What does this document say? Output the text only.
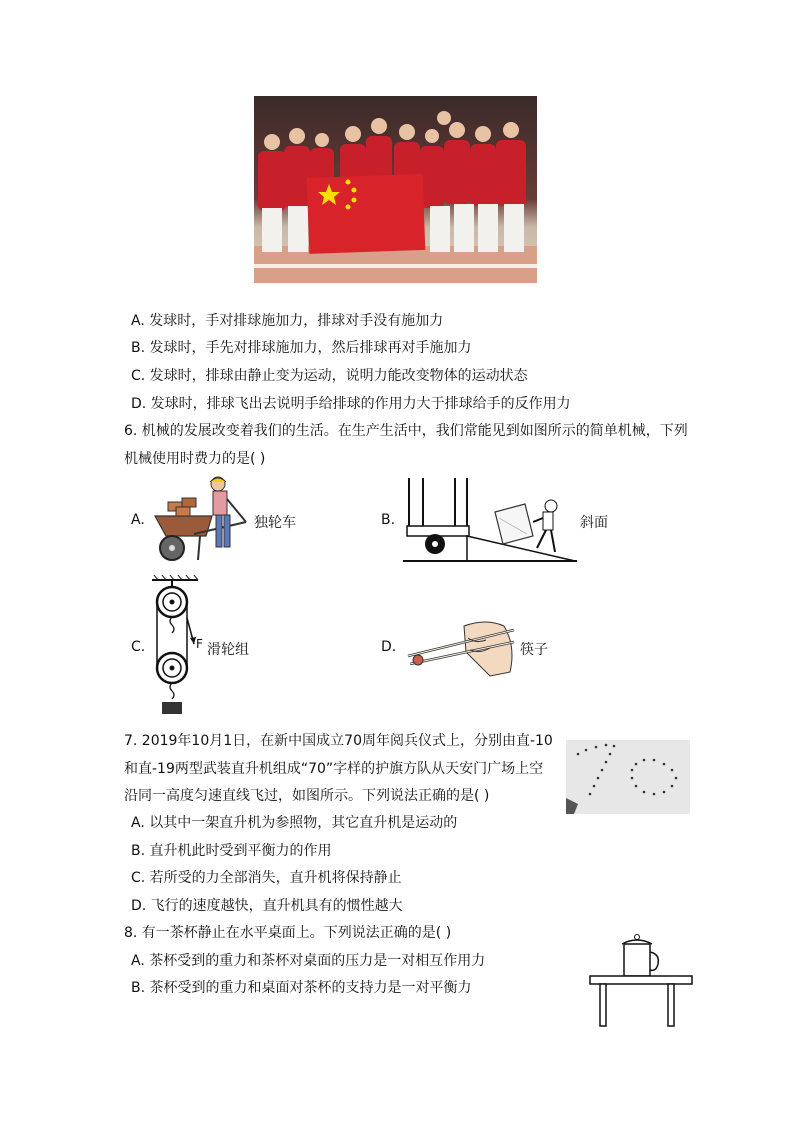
A. 发球时，手对排球施加力，排球对手没有施加力
B. 发球时，手先对排球施加力，然后排球再对手施加力
C. 发球时，排球由静止变为运动，说明力能改变物体的运动状态
D. 发球时，排球飞出去说明手给排球的作用力大于排球给手的反作用力
6. 机械的发展改变着我们的生活。在生产生活中，我们常能见到如图所示的简单机械，下列
机械使用时费力的是( )
A.	独轮车	B.	斜面
C.	F 滑轮组	D.	筷子
7. 2019年10月1日，在新中国成立70周年阅兵仪式上，分别由直-10
和直-19两型武装直升机组成“70”字样的护旗方队从天安门广场上空
沿同一高度匀速直线飞过，如图所示。下列说法正确的是( )
A. 以其中一架直升机为参照物，其它直升机是运动的
B. 直升机此时受到平衡力的作用
C. 若所受的力全部消失，直升机将保持静止
D. 飞行的速度越快，直升机具有的惯性越大
8. 有一茶杯静止在水平桌面上。下列说法正确的是( )
A. 茶杯受到的重力和茶杯对桌面的压力是一对相互作用力
B. 茶杯受到的重力和桌面对茶杯的支持力是一对平衡力
